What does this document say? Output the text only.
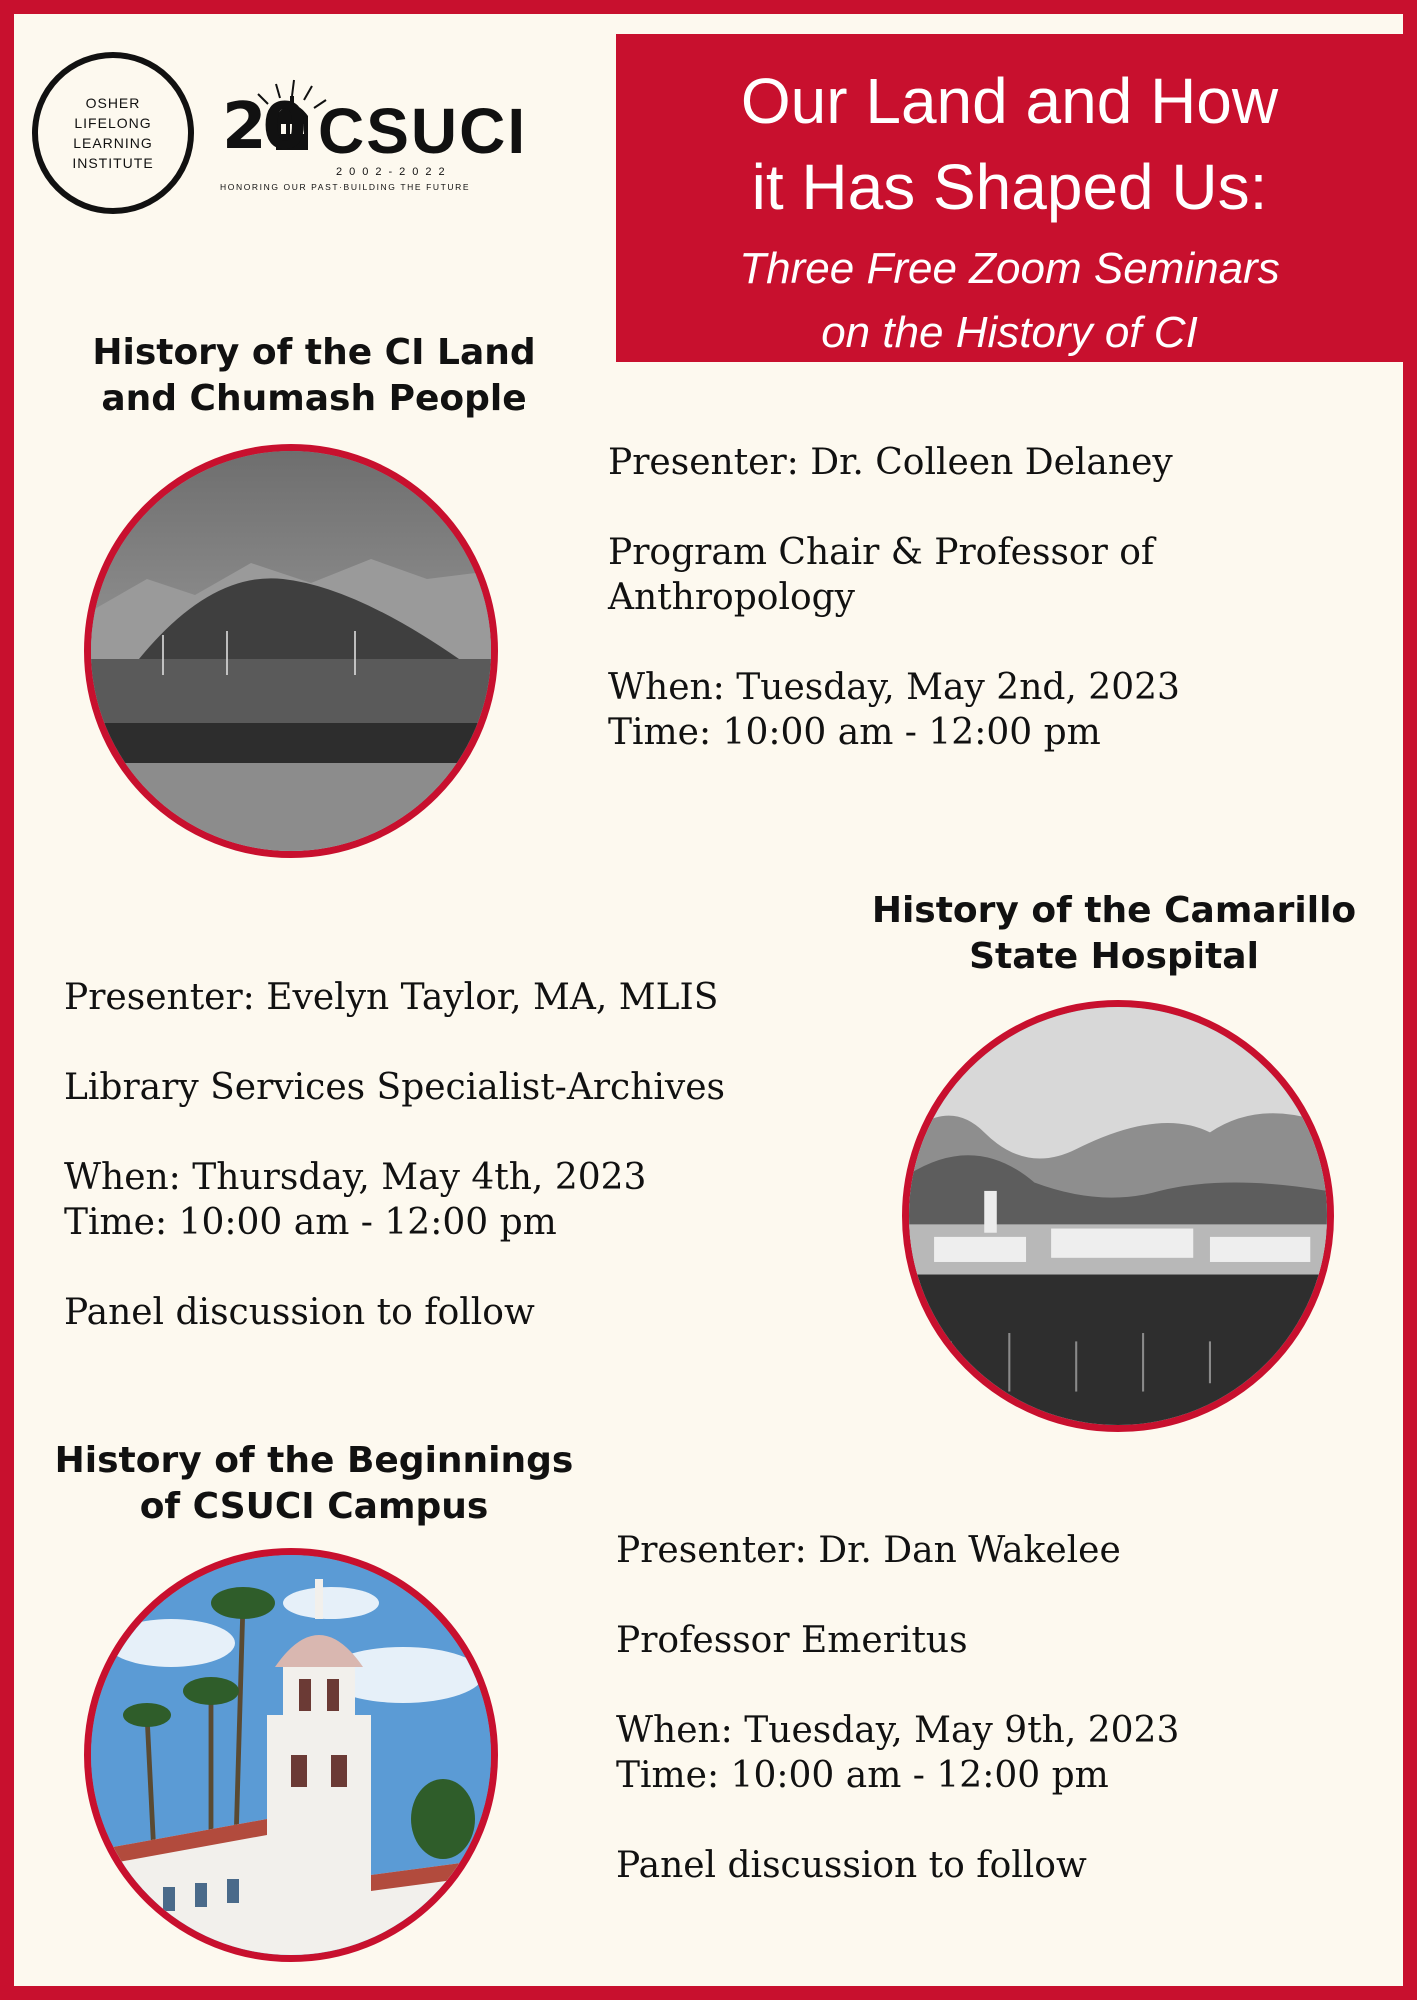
OSHER
LIFELONG
LEARNING
INSTITUTE 20 CSUCI
2002-2022
HONORING OUR PAST·BUILDING THE FUTURE
Our Land and How
it Has Shaped Us:
Three Free Zoom Seminars
on the History of CI
History of the CI Land
and Chumash People
Presenter: Dr. Colleen Delaney
Program Chair & Professor of
Anthropology
When: Tuesday, May 2nd, 2023
Time: 10:00 am - 12:00 pm
History of the Camarillo
State Hospital
Presenter: Evelyn Taylor, MA, MLIS
Library Services Specialist-Archives
When: Thursday, May 4th, 2023
Time: 10:00 am - 12:00 pm
Panel discussion to follow
History of the Beginnings
of CSUCI Campus
Presenter: Dr. Dan Wakelee
Professor Emeritus
When: Tuesday, May 9th, 2023
Time: 10:00 am - 12:00 pm
Panel discussion to follow
